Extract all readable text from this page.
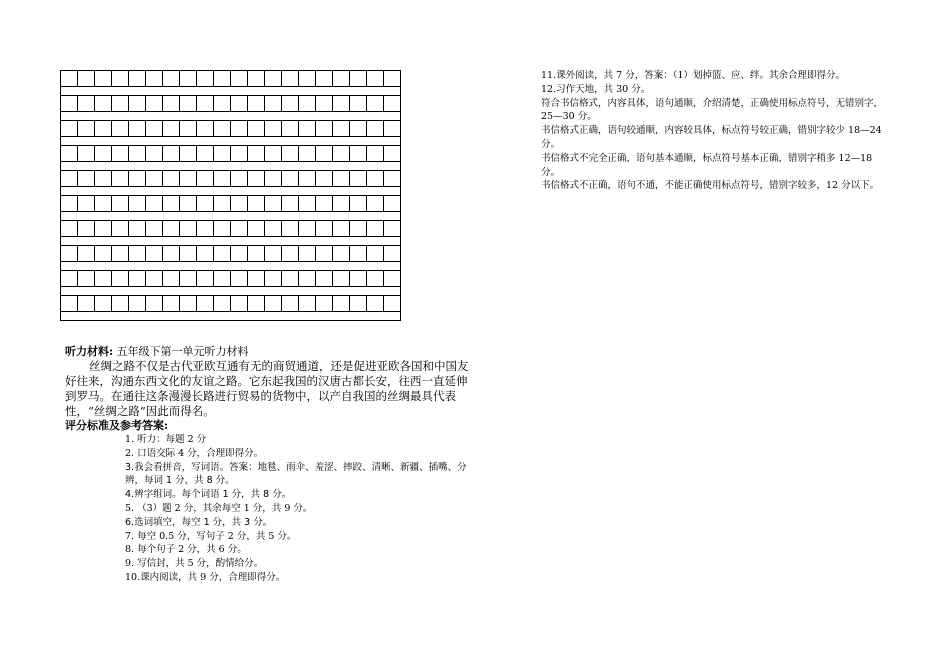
听力材料: 五年级下第一单元听力材料

丝绸之路不仅是古代亚欧互通有无的商贸通道，还是促进亚欧各国和中国友好往来，沟通东西文化的友谊之路。它东起我国的汉唐古都长安，往西一直延伸到罗马。在通往这条漫漫长路进行贸易的货物中，以产自我国的丝绸最具代表性，“丝绸之路”因此而得名。

评分标准及参考答案:

1. 听力：每题 2 分
2. 口语交际 4 分，合理即得分。
3.我会看拼音，写词语。答案：地毯、雨伞、羞涩、摔跤、清晰、新疆、插嘴、分辨，每词 1 分，共 8 分。
4.辨字组词。每个词语 1 分，共 8 分。
5. （3）题 2 分，其余每空 1 分，共 9 分。
6.选词填空，每空 1 分，共 3 分。
7. 每空 0.5 分，写句子 2 分，共 5 分。
8. 每个句子 2 分，共 6 分。
9. 写信封，共 5 分，酌情给分。
10.课内阅读，共 9 分，合理即得分。

11.课外阅读，共 7 分，答案：（1）划掉篮、应、绊。其余合理即得分。

12.习作天地，共 30 分。

符合书信格式，内容具体，语句通顺，介绍清楚，正确使用标点符号，无错别字，25—30 分。

书信格式正确，语句较通顺，内容较具体，标点符号较正确，错别字较少 18—24 分。

书信格式不完全正确，语句基本通顺，标点符号基本正确，错别字稍多 12—18 分。

书信格式不正确，语句不通，不能正确使用标点符号，错别字较多，12 分以下。
